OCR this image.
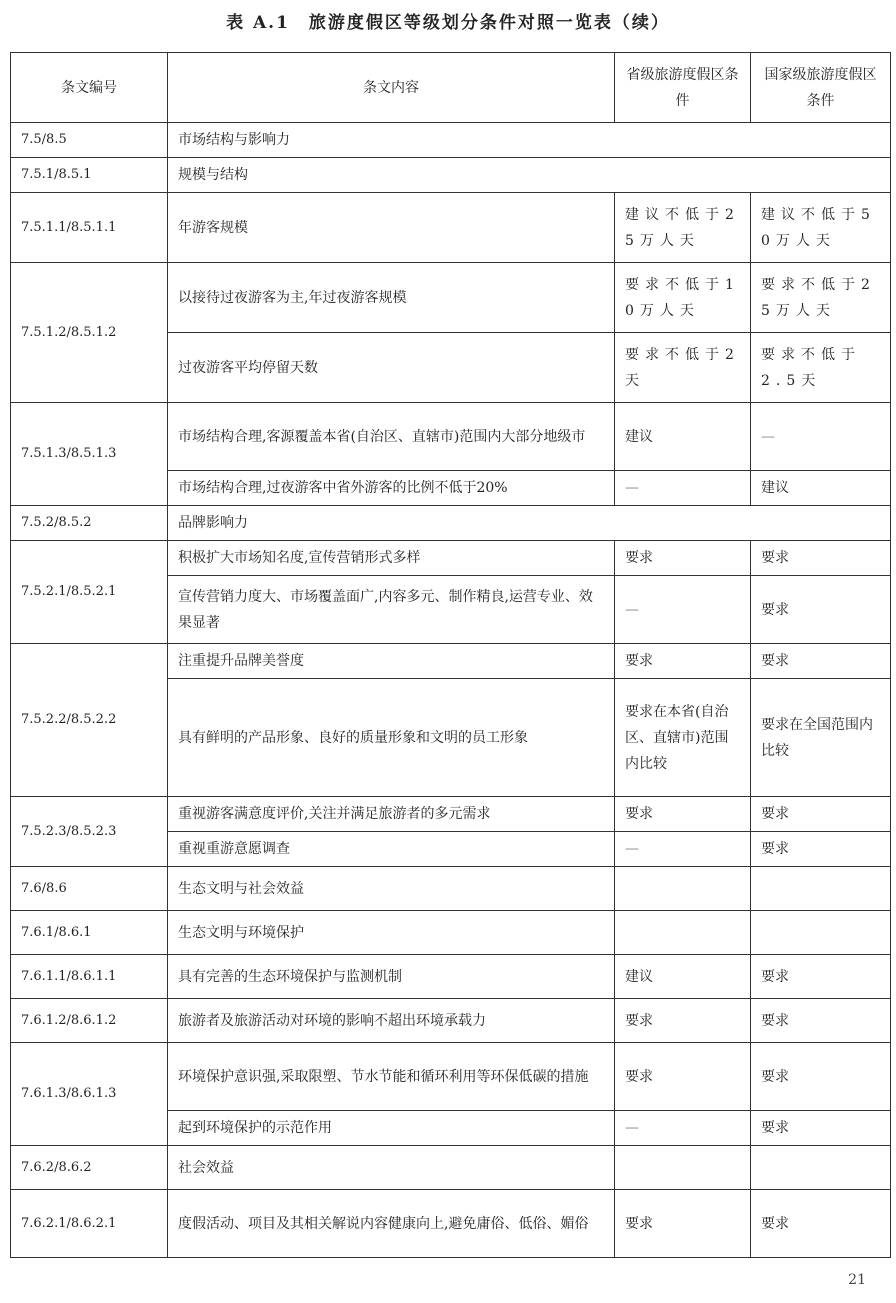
表 A.1　旅游度假区等级划分条件对照一览表（续）
条文编号	条文内容	省级旅游度假区条件	国家级旅游度假区条件
7.5/8.5	市场结构与影响力		
7.5.1/8.5.1	规模与结构		
7.5.1.1/8.5.1.1	年游客规模	建议不低于25万人天	建议不低于50万人天
7.5.1.2/8.5.1.2	以接待过夜游客为主,年过夜游客规模	要求不低于10万人天	要求不低于25万人天
	过夜游客平均停留天数	要求不低于2天	要求不低于2.5天
7.5.1.3/8.5.1.3	市场结构合理,客源覆盖本省(自治区、直辖市)范围内大部分地级市	建议	—
	市场结构合理,过夜游客中省外游客的比例不低于20%	—	建议
7.5.2/8.5.2	品牌影响力		
7.5.2.1/8.5.2.1	积极扩大市场知名度,宣传营销形式多样	要求	要求
	宣传营销力度大、市场覆盖面广,内容多元、制作精良,运营专业、效果显著	—	要求
7.5.2.2/8.5.2.2	注重提升品牌美誉度	要求	要求
	具有鲜明的产品形象、良好的质量形象和文明的员工形象	要求在本省(自治区、直辖市)范围内比较	要求在全国范围内比较
7.5.2.3/8.5.2.3	重视游客满意度评价,关注并满足旅游者的多元需求	要求	要求
	重视重游意愿调查	—	要求
7.6/8.6	生态文明与社会效益		
7.6.1/8.6.1	生态文明与环境保护		
7.6.1.1/8.6.1.1	具有完善的生态环境保护与监测机制	建议	要求
7.6.1.2/8.6.1.2	旅游者及旅游活动对环境的影响不超出环境承载力	要求	要求
7.6.1.3/8.6.1.3	环境保护意识强,采取限塑、节水节能和循环利用等环保低碳的措施	要求	要求
	起到环境保护的示范作用	—	要求
7.6.2/8.6.2	社会效益		
7.6.2.1/8.6.2.1	度假活动、项目及其相关解说内容健康向上,避免庸俗、低俗、媚俗	要求	要求
21
